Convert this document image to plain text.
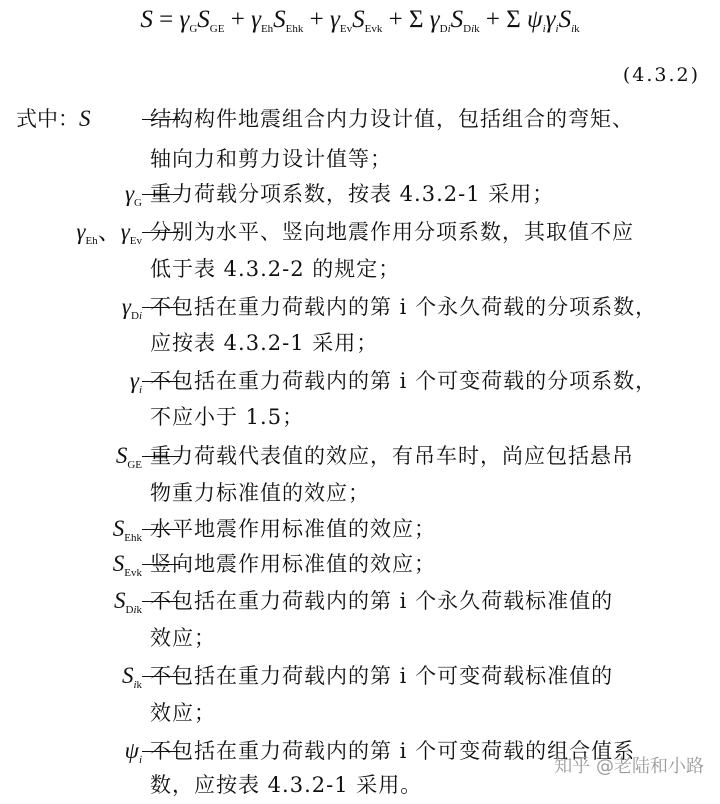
$S = \gamma_GS_{GE} + \gamma_{Eh}S_{Ehk} + \gamma_{Ev}S_{Evk} + \Sigma$ $\gamma_{Di}S_{Dik} + \Sigma$ $\psi_i\gamma_iS_{ik}$
(4.3.2)
式中：S	结构构件地震组合内力设计值，包括组合的弯矩、
轴向力和剪力设计值等；
$\gamma_G$ 重力荷载分项系数，按表 4.3.2-1 采用；
$\gamma_{Eh}$、$\gamma_{Ev}$ 分别为水平、竖向地震作用分项系数，其取值不应
低于表 4.3.2-2 的规定；
$\gamma_{Di}$ 不包括在重力荷载内的第 i 个永久荷载的分项系数，
应按表 4.3.2-1 采用；
$\gamma_i$ 不包括在重力荷载内的第 i 个可变荷载的分项系数，
不应小于 1.5；
$S_{GE}$ 重力荷载代表值的效应，有吊车时，尚应包括悬吊
物重力标准值的效应；
$S_{Ehk}$ 水平地震作用标准值的效应；
$S_{Evk}$ 竖向地震作用标准值的效应；
$S_{Dik}$ 不包括在重力荷载内的第 i 个永久荷载标准值的
效应；
$S_{ik}$ 不包括在重力荷载内的第 i 个可变荷载标准值的
效应；
$\psi_i$ 不包括在重力荷载内的第 i 个可变荷载的组合值系
数，应按表 4.3.2-1 采用。
知乎 @老陆和小路
